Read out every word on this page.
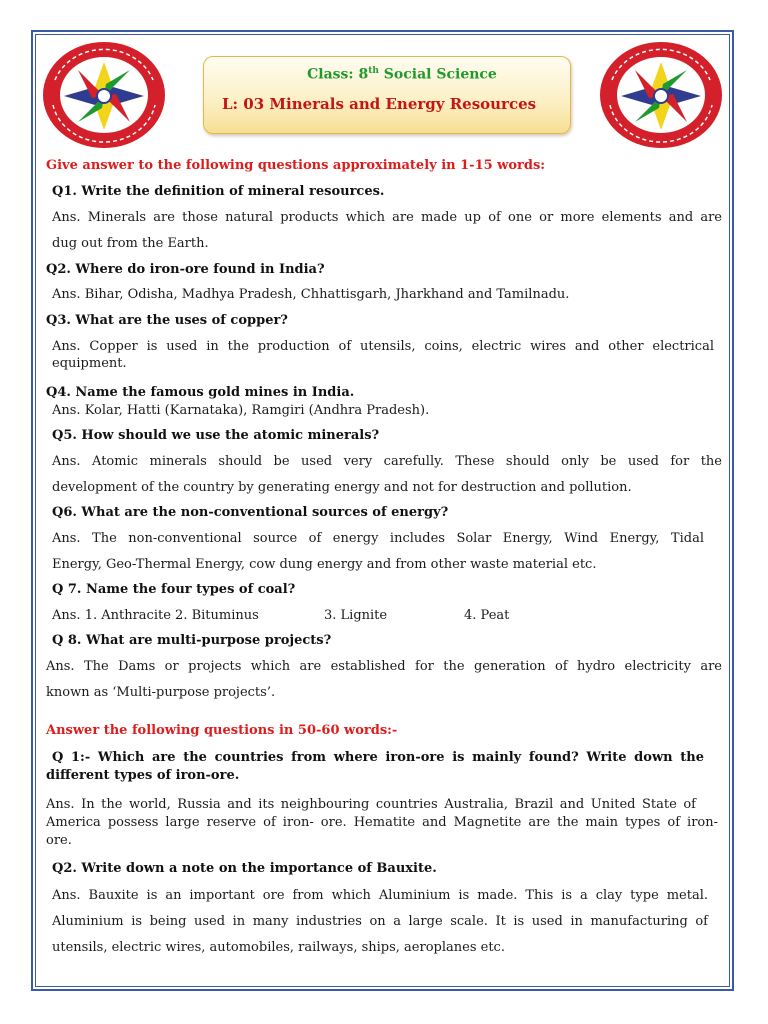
Class: 8th Social Science
L: 03 Minerals and Energy Resources
Give answer to the following questions approximately in 1-15 words:
Q1. Write the definition of mineral resources.
Ans. Minerals are those natural products which are made up of one or more elements and are
dug out from the Earth.
Q2. Where do iron-ore found in India?
Ans. Bihar, Odisha, Madhya Pradesh, Chhattisgarh, Jharkhand and Tamilnadu.
Q3. What are the uses of copper?
Ans. Copper is used in the production of utensils, coins, electric wires and other electrical
equipment.
Q4. Name the famous gold mines in India.
Ans. Kolar, Hatti (Karnataka), Ramgiri (Andhra Pradesh).
Q5. How should we use the atomic minerals?
Ans. Atomic minerals should be used very carefully. These should only be used for the
development of the country by generating energy and not for destruction and pollution.
Q6. What are the non-conventional sources of energy?
Ans. The non-conventional source of energy includes Solar Energy, Wind Energy, Tidal
Energy, Geo-Thermal Energy, cow dung energy and from other waste material etc.
Q 7. Name the four types of coal?
Ans. 1. Anthracite 2. Bituminus	3. Lignite	4. Peat
Q 8. What are multi-purpose projects?
Ans. The Dams or projects which are established for the generation of hydro electricity are
known as ‘Multi-purpose projects’.
Answer the following questions in 50-60 words:-
Q 1:- Which are the countries from where iron-ore is mainly found? Write down the
different types of iron-ore.
Ans. In the world, Russia and its neighbouring countries Australia, Brazil and United State of
America possess large reserve of iron- ore. Hematite and Magnetite are the main types of iron-
ore.
Q2. Write down a note on the importance of Bauxite.
Ans. Bauxite is an important ore from which Aluminium is made. This is a clay type metal.
Aluminium is being used in many industries on a large scale. It is used in manufacturing of
utensils, electric wires, automobiles, railways, ships, aeroplanes etc.
